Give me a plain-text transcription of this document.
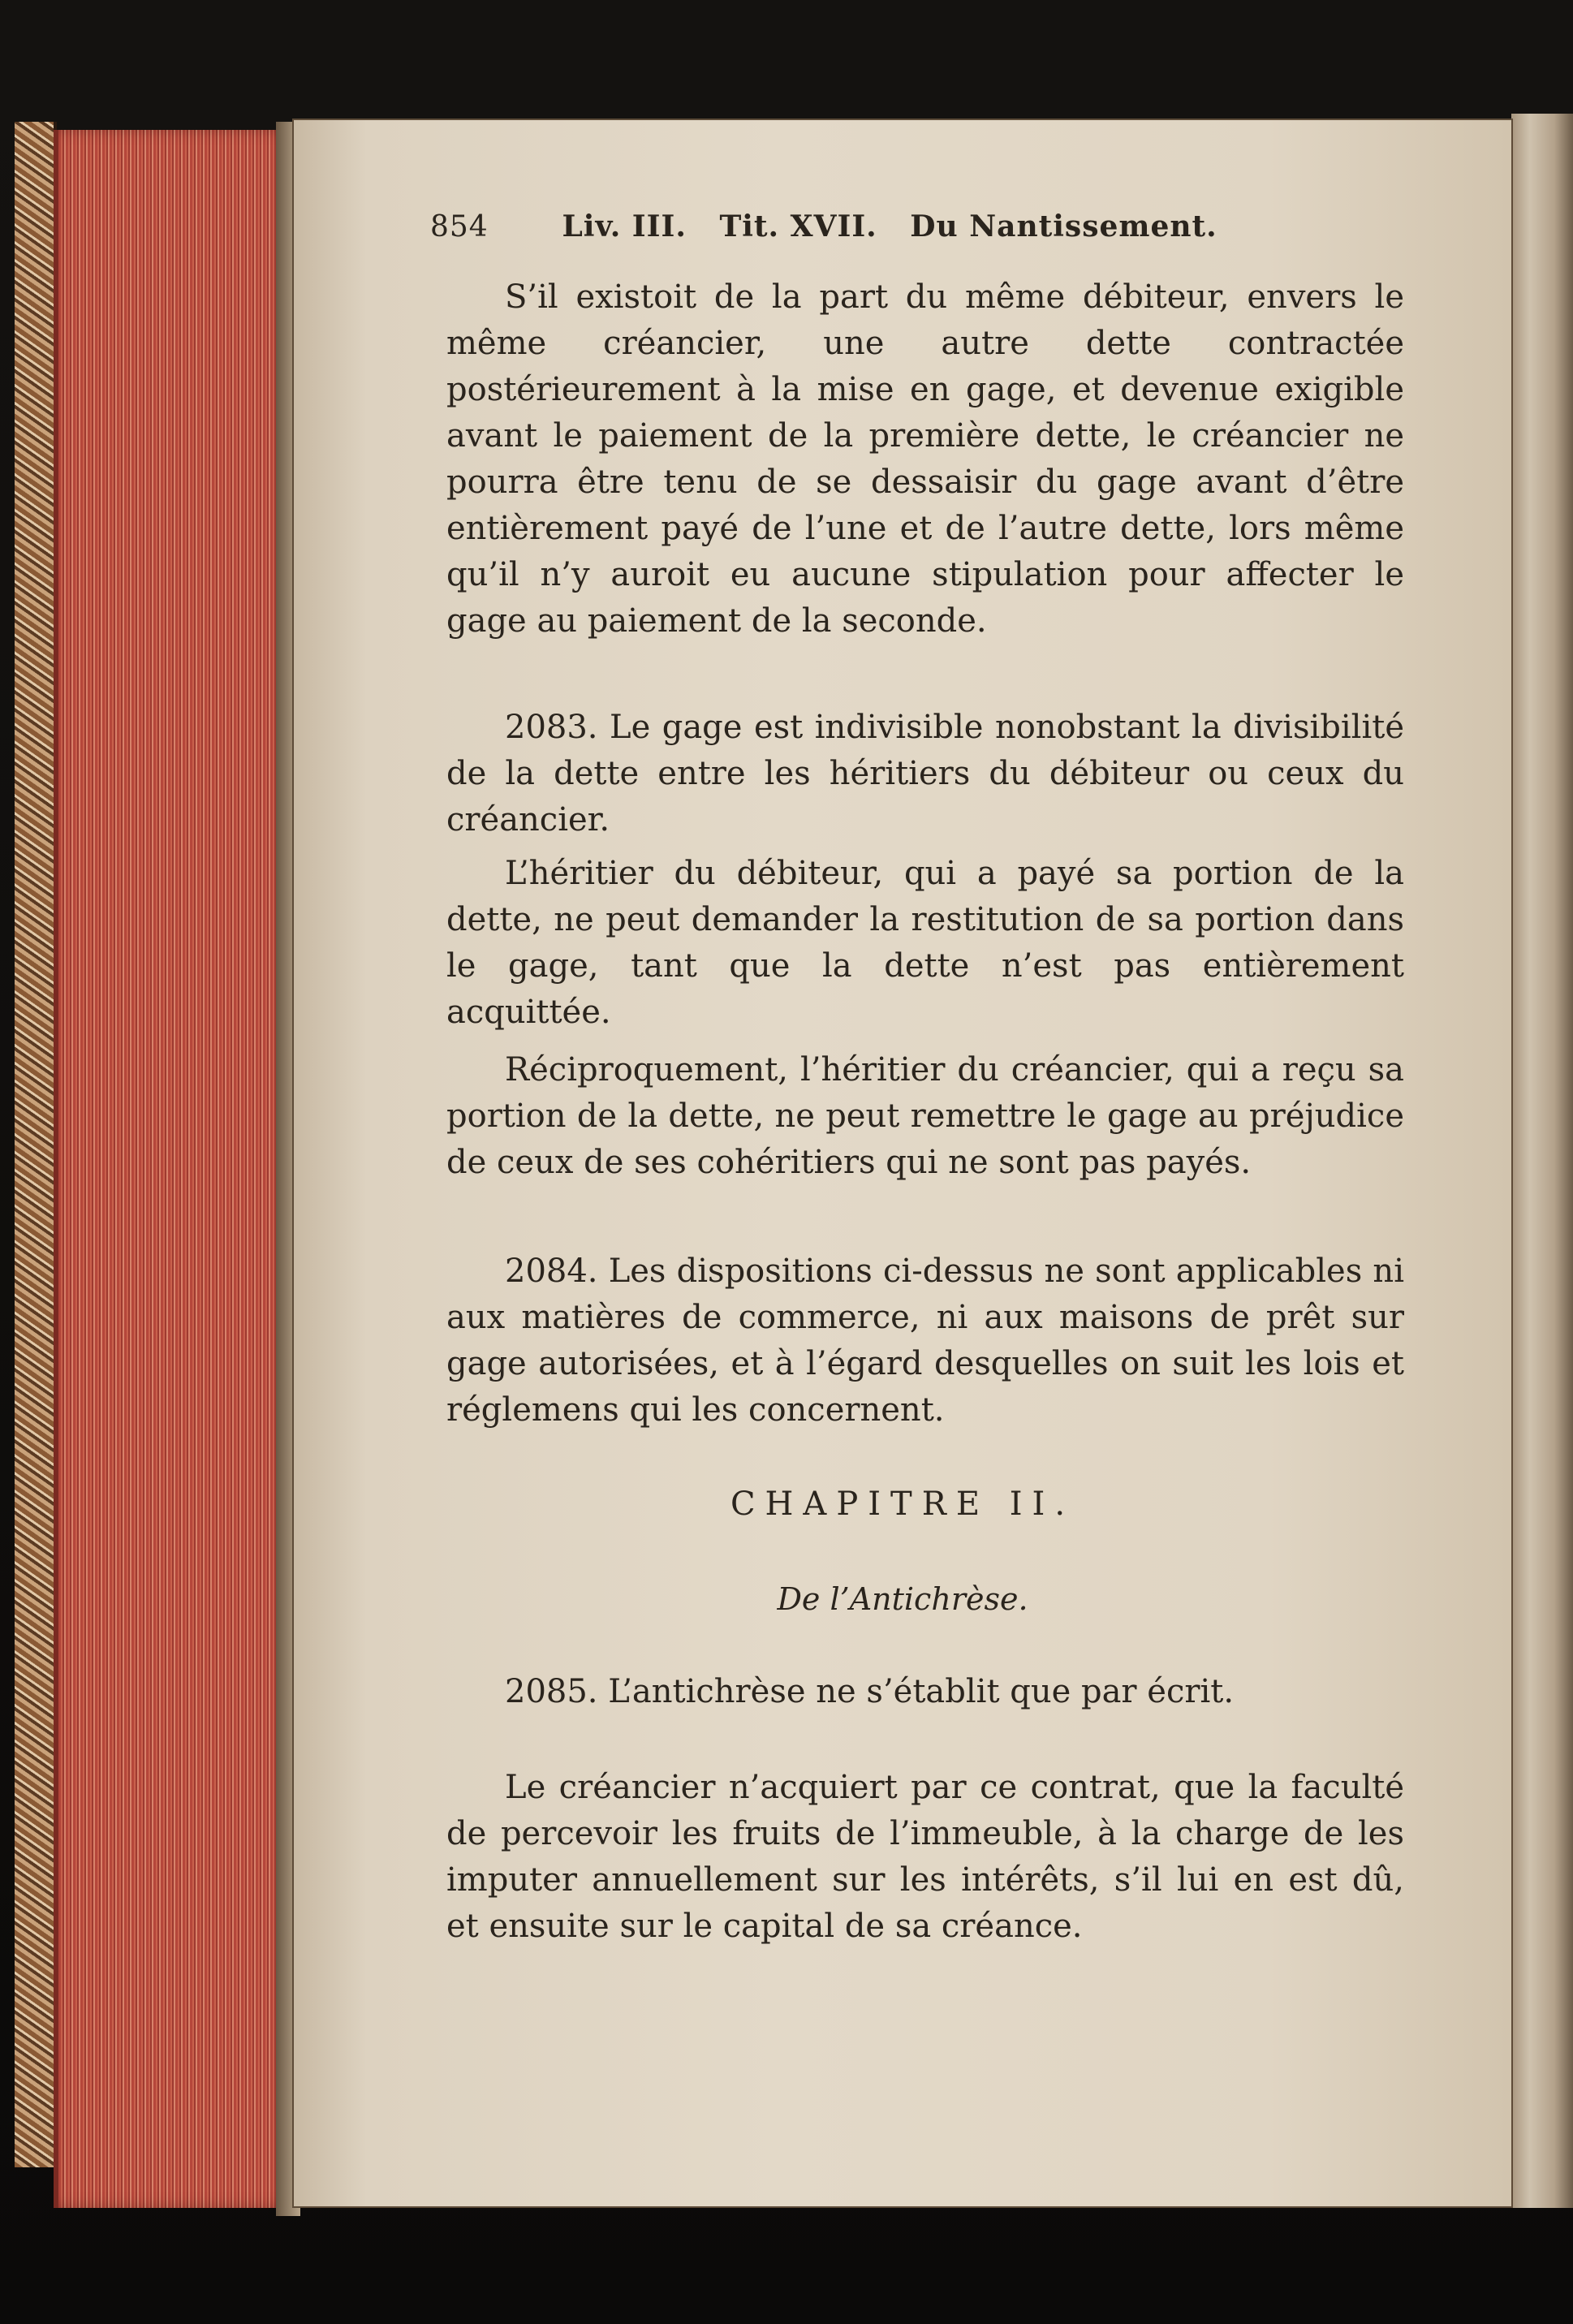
854	Liv. III.   Tit. XVII.   Du Nantissement.

S’il existoit de la part du même débiteur, envers le même créancier, une autre dette contractée postérieurement à la mise en gage, et devenue exigible avant le paiement de la première dette, le créancier ne pourra être tenu de se dessaisir du gage avant d’être entièrement payé de l’une et de l’autre dette, lors même qu’il n’y auroit eu aucune stipulation pour affecter le gage au paiement de la seconde.

2083. Le gage est indivisible nonobstant la divisibilité de la dette entre les héritiers du débiteur ou ceux du créancier.

L’héritier du débiteur, qui a payé sa portion de la dette, ne peut demander la restitution de sa portion dans le gage, tant que la dette n’est pas entièrement acquittée.

Réciproquement, l’héritier du créancier, qui a reçu sa portion de la dette, ne peut remettre le gage au préjudice de ceux de ses cohéritiers qui ne sont pas payés.

2084. Les dispositions ci-dessus ne sont applicables ni aux matières de commerce, ni aux maisons de prêt sur gage autorisées, et à l’égard desquelles on suit les lois et réglemens qui les concernent.

CHAPITRE II.
De l’Antichrèse.

2085. L’antichrèse ne s’établit que par écrit.

Le créancier n’acquiert par ce contrat, que la faculté de percevoir les fruits de l’immeuble, à la charge de les imputer annuellement sur les intérêts, s’il lui en est dû, et ensuite sur le capital de sa créance.
